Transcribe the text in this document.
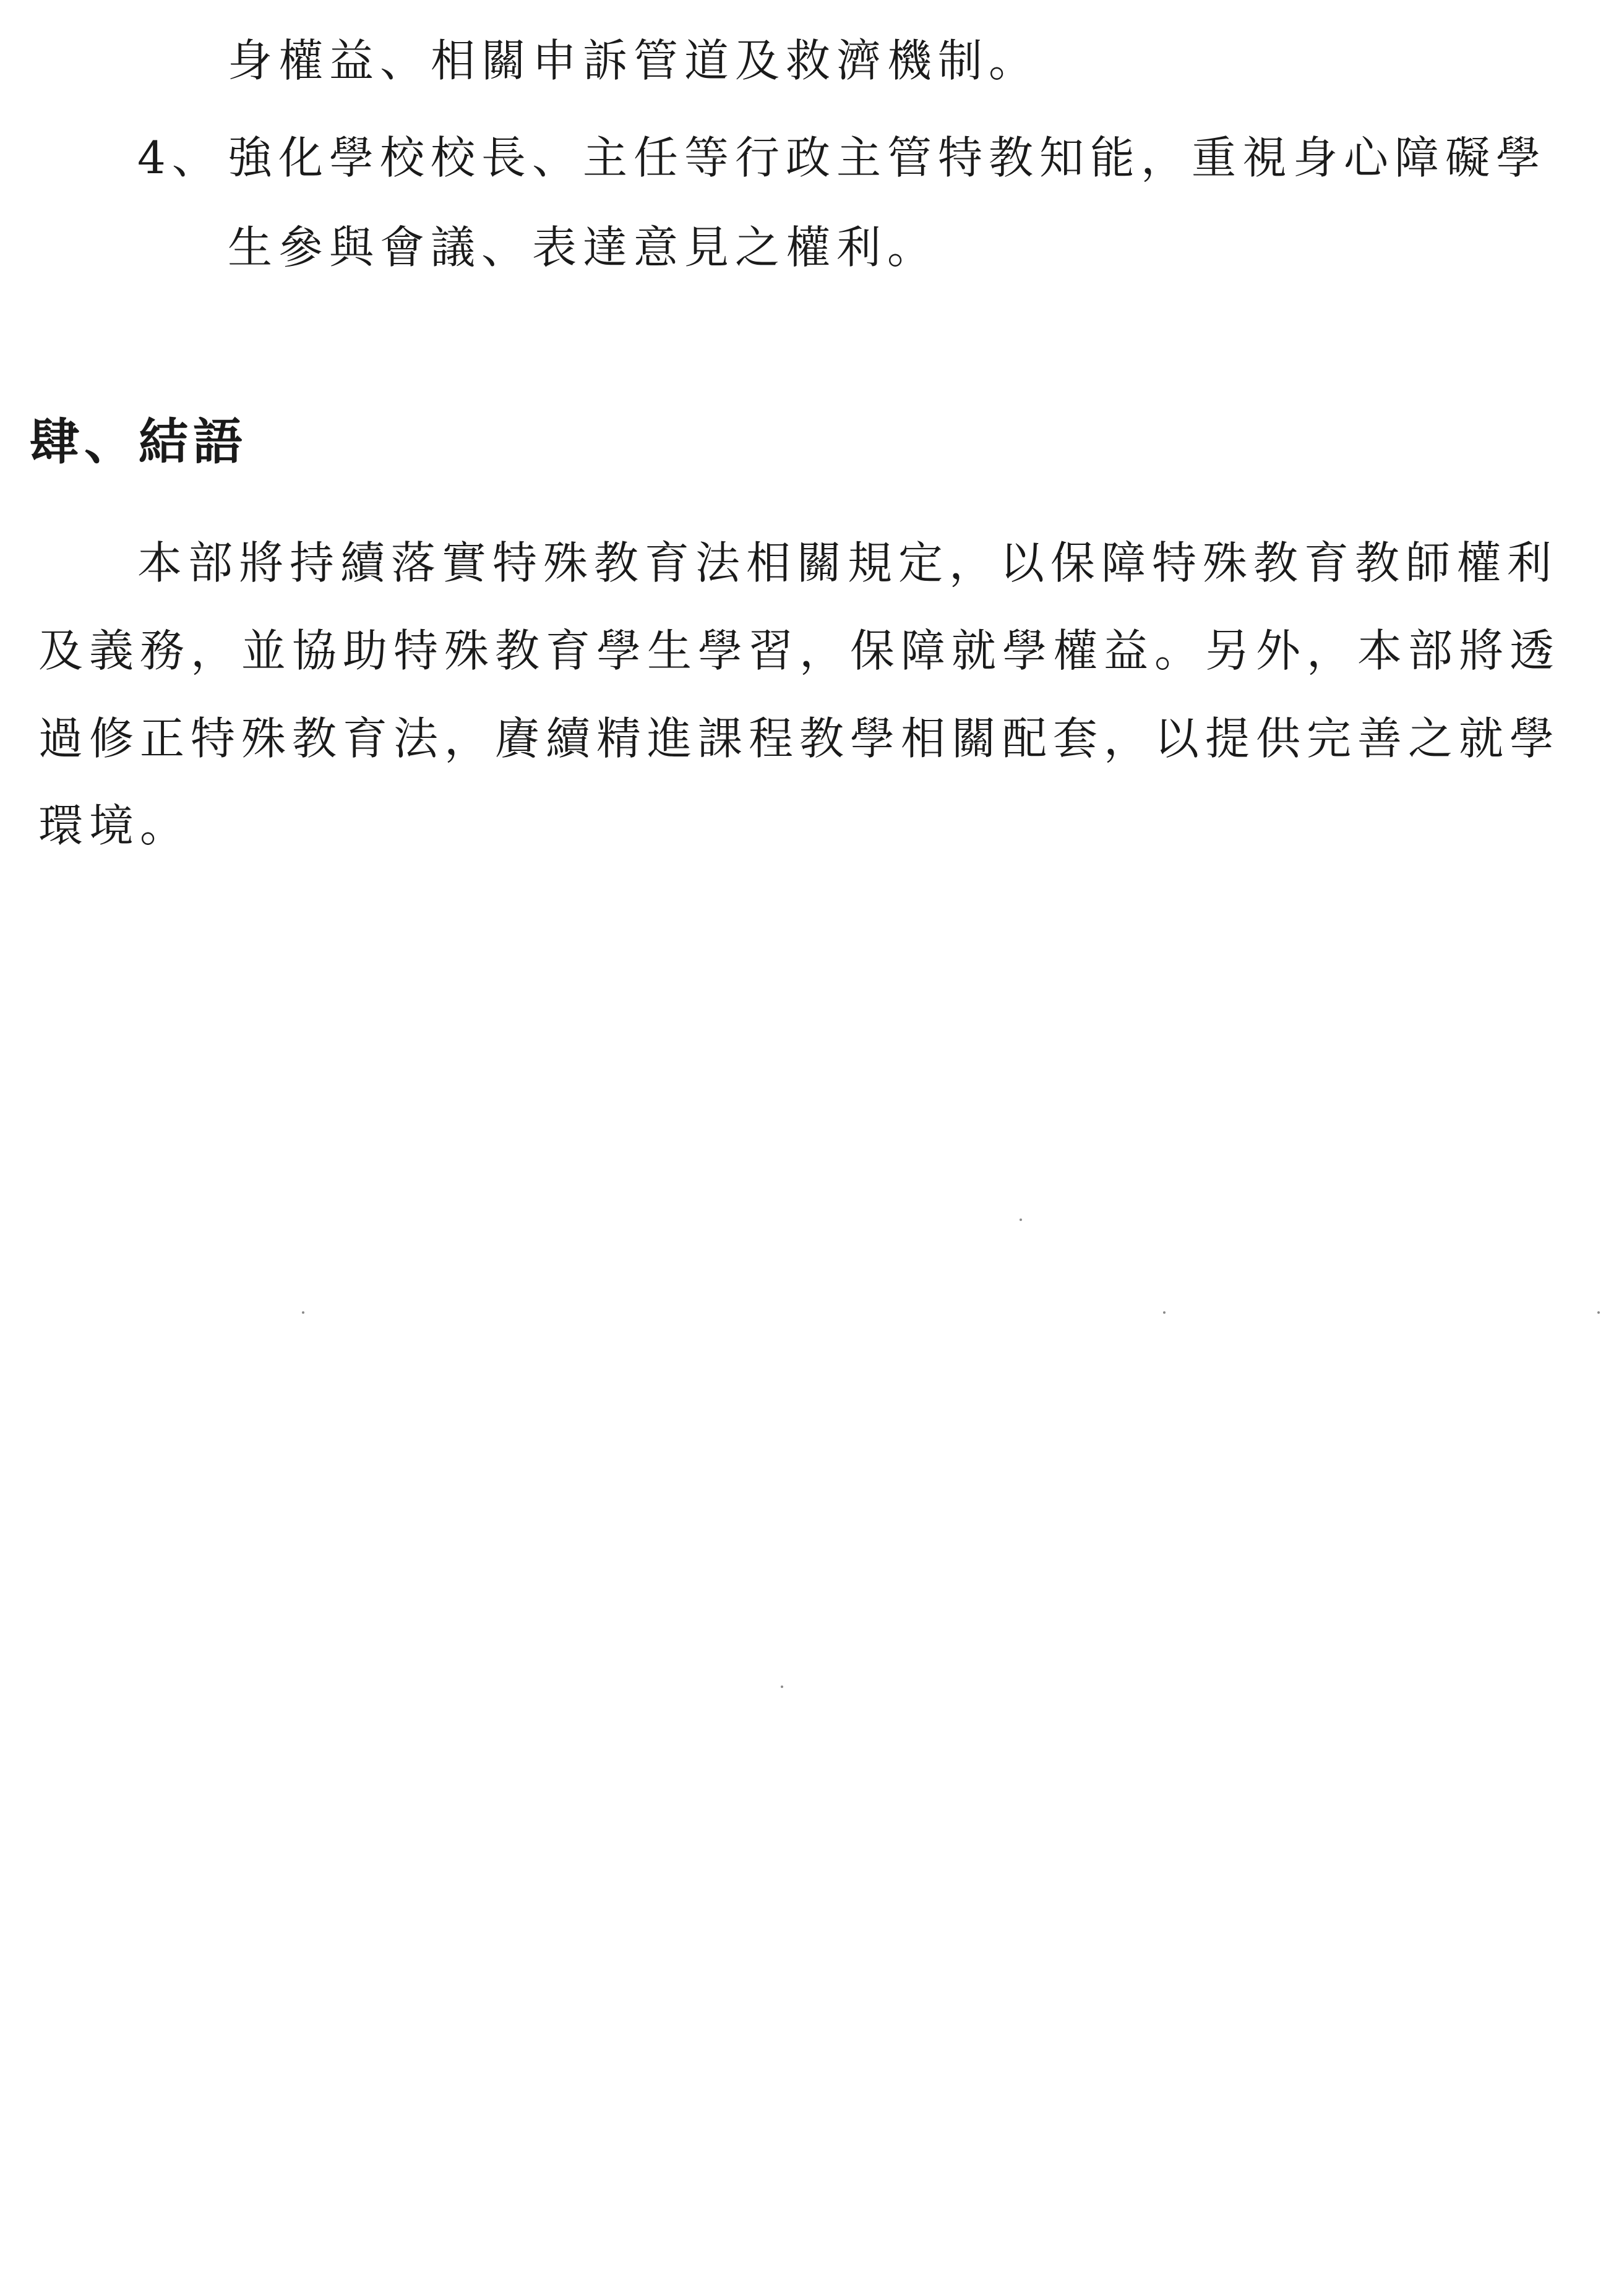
身權益、相關申訴管道及救濟機制。

4、 強化學校校長、主任等行政主管特教知能，重視身心障礙學

生參與會議、表達意見之權利。

肆、結語

本部將持續落實特殊教育法相關規定，以保障特殊教育教師權利

及義務，並協助特殊教育學生學習，保障就學權益。另外，本部將透

過修正特殊教育法，賡續精進課程教學相關配套，以提供完善之就學

環境。
